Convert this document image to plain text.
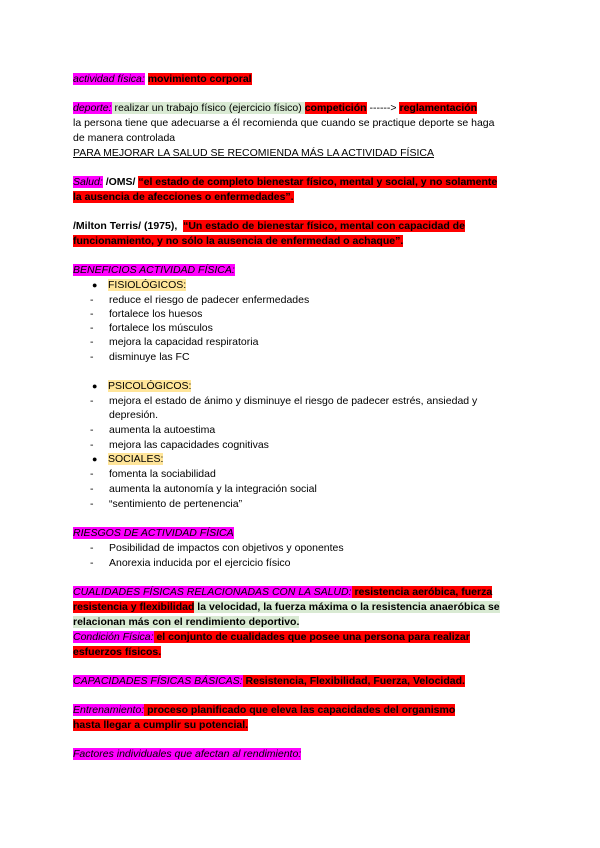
actividad física: movimiento corporal
deporte: realizar un trabajo físico (ejercicio físico) competición ------> reglamentación
la persona tiene que adecuarse a él recomienda que cuando se practique deporte se haga
de manera controlada
PARA MEJORAR LA SALUD SE RECOMIENDA MÁS LA ACTIVIDAD FÍSICA
Salud: /OMS/ “el estado de completo bienestar físico, mental y social, y no solamente
la ausencia de afecciones o enfermedades”.
/Milton Terris/ (1975), “Un estado de bienestar físico, mental con capacidad de
funcionamiento, y no sólo la ausencia de enfermedad o achaque”.
BENEFICIOS ACTIVIDAD FÍSICA:
● FISIOLÓGICOS:
- reduce el riesgo de padecer enfermedades
- fortalece los huesos
- fortalece los músculos
- mejora la capacidad respiratoria
- disminuye las FC
● PSICOLÓGICOS:
- mejora el estado de ánimo y disminuye el riesgo de padecer estrés, ansiedad y
depresión.
- aumenta la autoestima
- mejora las capacidades cognitivas
● SOCIALES:
- fomenta la sociabilidad
- aumenta la autonomía y la integración social
- “sentimiento de pertenencia”
RIESGOS DE ACTIVIDAD FÍSICA
- Posibilidad de impactos con objetivos y oponentes
- Anorexia inducida por el ejercicio físico
CUALIDADES FÍSICAS RELACIONADAS CON LA SALUD: resistencia aeróbica, fuerza
resistencia y flexibilidad la velocidad, la fuerza máxima o la resistencia anaeróbica se
relacionan más con el rendimiento deportivo.
Condición Física: el conjunto de cualidades que posee una persona para realizar
esfuerzos físicos.
CAPACIDADES FÍSICAS BÁSICAS: Resistencia, Flexibilidad, Fuerza, Velocidad.
Entrenamiento: proceso planificado que eleva las capacidades del organismo
hasta llegar a cumplir su potencial.
Factores individuales que afectan al rendimiento:
